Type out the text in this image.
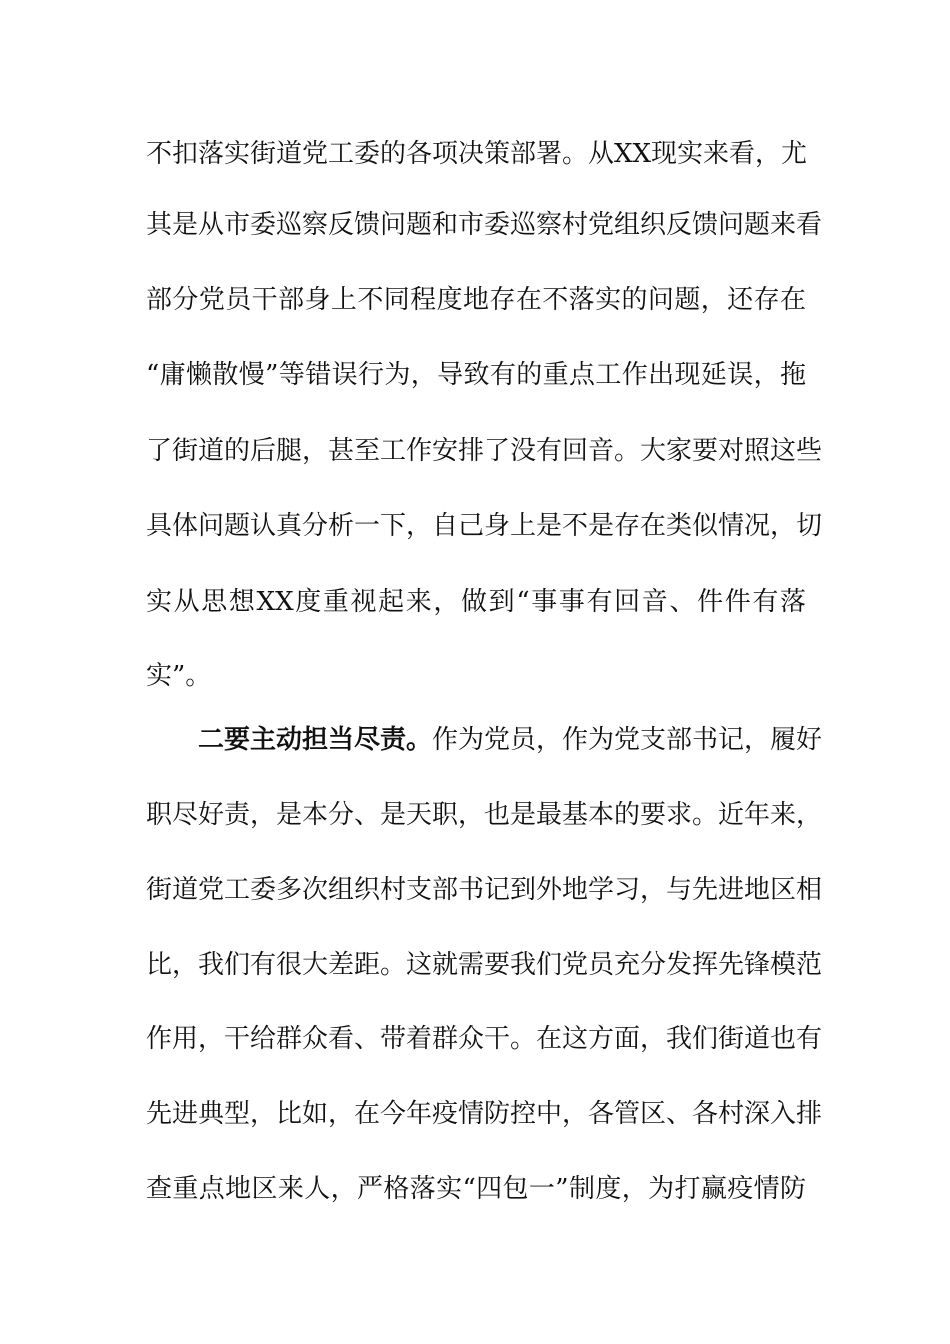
不扣落实街道党工委的各项决策部署。从XX现实来看，尤
其是从市委巡察反馈问题和市委巡察村党组织反馈问题来看
部分党员干部身上不同程度地存在不落实的问题，还存在
“庸懒散慢”等错误行为，导致有的重点工作出现延误，拖
了街道的后腿，甚至工作安排了没有回音。大家要对照这些
具体问题认真分析一下，自己身上是不是存在类似情况，切
实从思想XX度重视起来，做到“事事有回音、件件有落
实”。
二要主动担当尽责。作为党员，作为党支部书记，履好
职尽好责，是本分、是天职，也是最基本的要求。近年来，
街道党工委多次组织村支部书记到外地学习，与先进地区相
比，我们有很大差距。这就需要我们党员充分发挥先锋模范
作用，干给群众看、带着群众干。在这方面，我们街道也有
先进典型，比如，在今年疫情防控中，各管区、各村深入排
查重点地区来人，严格落实“四包一”制度，为打赢疫情防
